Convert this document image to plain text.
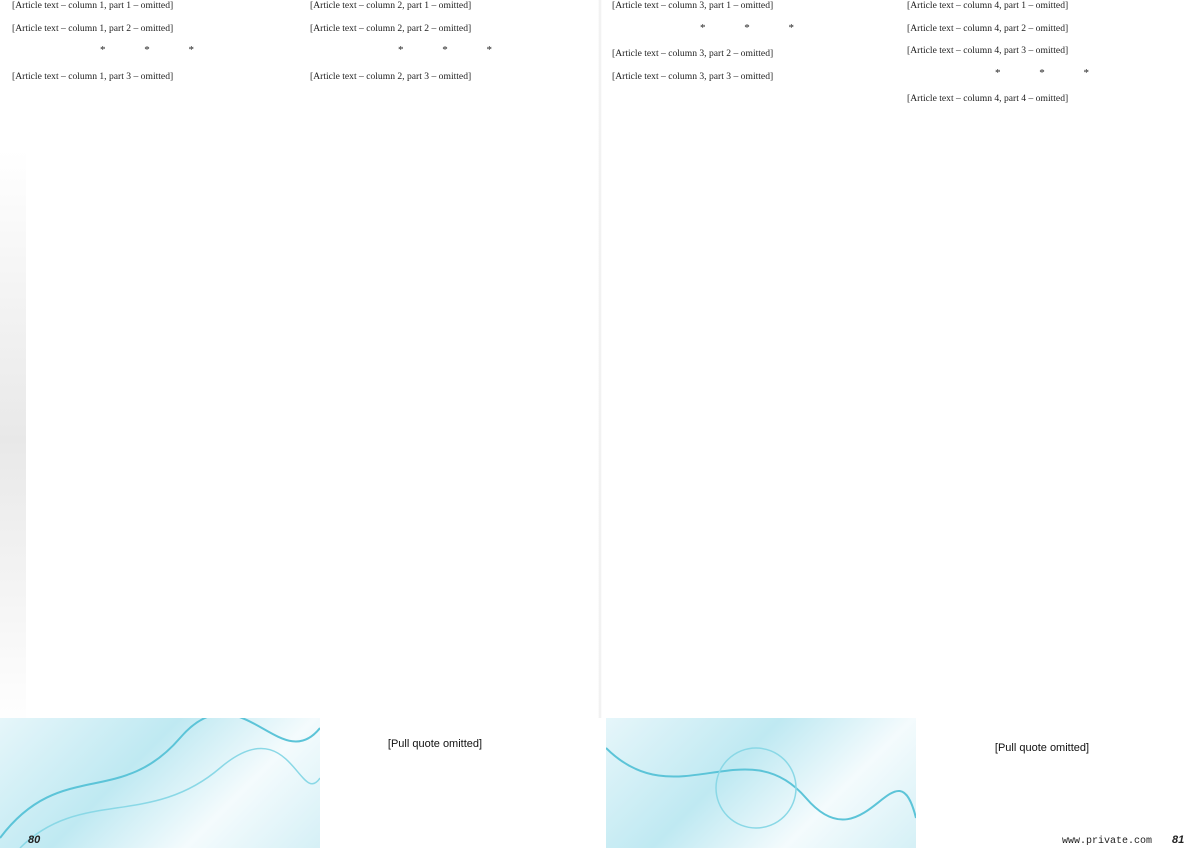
[Article text – column 1, part 1 – omitted]

[Article text – column 1, part 2 – omitted]

* * *

[Article text – column 1, part 3 – omitted]

[Article text – column 2, part 1 – omitted]

[Article text – column 2, part 2 – omitted]

* * *

[Article text – column 2, part 3 – omitted]

[Article text – column 3, part 1 – omitted]

* * *

[Article text – column 3, part 2 – omitted]

[Article text – column 3, part 3 – omitted]

[Article text – column 4, part 1 – omitted]

[Article text – column 4, part 2 – omitted]

[Article text – column 4, part 3 – omitted]

* * *

[Article text – column 4, part 4 – omitted]

[Pull quote omitted]	[Pull quote omitted]
80	www.private.com 81
